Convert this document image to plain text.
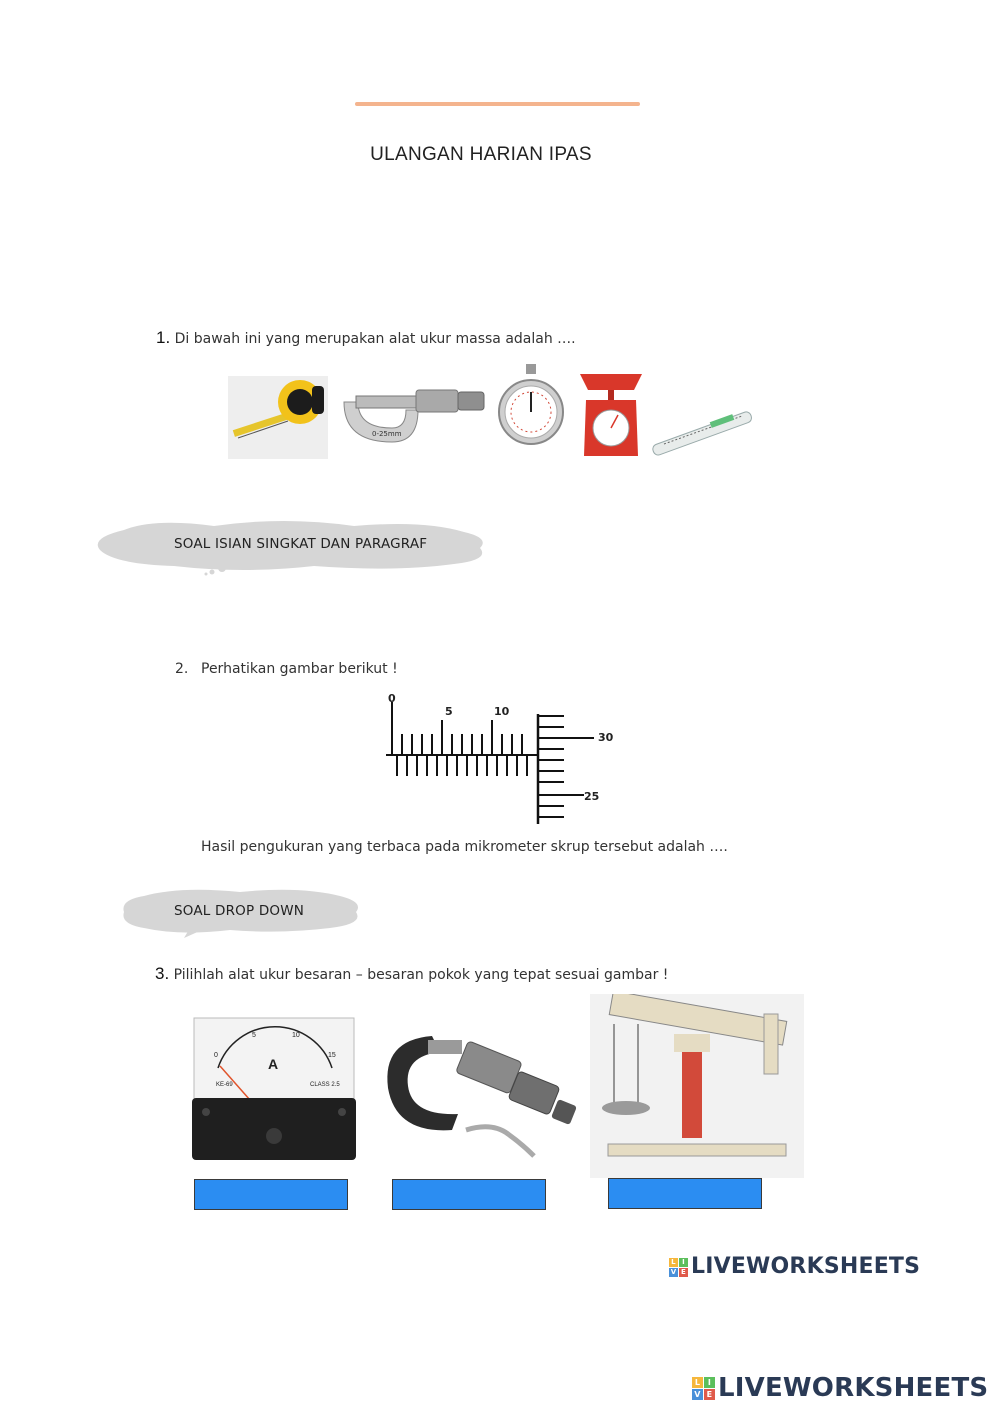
ULANGAN HARIAN IPAS
1. Di bawah ini yang merupakan alat ukur massa adalah ….
0-25mm
SOAL ISIAN SINGKAT DAN PARAGRAF
2. Perhatikan gambar berikut !
0
5	10
30
25
Hasil pengukuran yang terbaca pada mikrometer skrup tersebut adalah ….
SOAL DROP DOWN
3. Pilihlah alat ukur besaran – besaran pokok yang tepat sesuai gambar !
0
5	10
15
A
KE-69	CLASS 2.5
L I
V E LIVEWORKSHEETS
L I
V E LIVEWORKSHEETS
